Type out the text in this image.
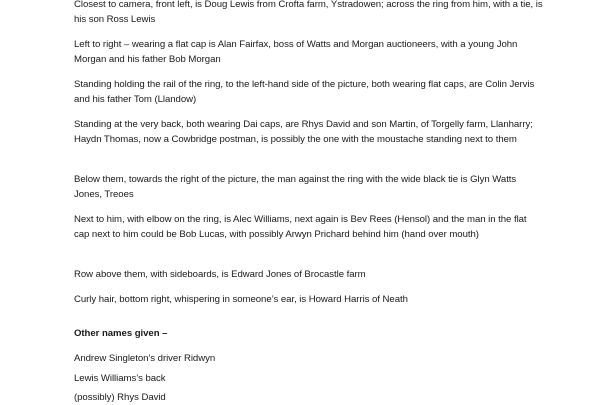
Closest to camera, front left, is Doug Lewis from Crofta farm, Ystradowen; across the ring from him, with a tie, is his son Ross Lewis

Left to right – wearing a flat cap is Alan Fairfax, boss of Watts and Morgan auctioneers, with a young John Morgan and his father Bob Morgan

Standing holding the rail of the ring, to the left-hand side of the picture, both wearing flat caps, are Colin Jervis and his father Tom (Llandow)

Standing at the very back, both wearing Dai caps, are Rhys David and son Martin, of Torgelly farm, Llanharry; Haydn Thomas, now a Cowbridge postman, is possibly the one with the moustache standing next to them

Below them, towards the right of the picture, the man against the ring with the wide black tie is Glyn Watts Jones, Treoes

Next to him, with elbow on the ring, is Alec Williams, next again is Bev Rees (Hensol) and the man in the flat cap next to him could be Bob Lucas, with possibly Arwyn Prichard behind him (hand over mouth)

Row above them, with sideboards, is Edward Jones of Brocastle farm

Curly hair, bottom right, whispering in someone’s ear, is Howard Harris of Neath

Other names given –

Andrew Singleton’s driver Ridwyn

Lewis Williams’s back

(possibly) Rhys David
